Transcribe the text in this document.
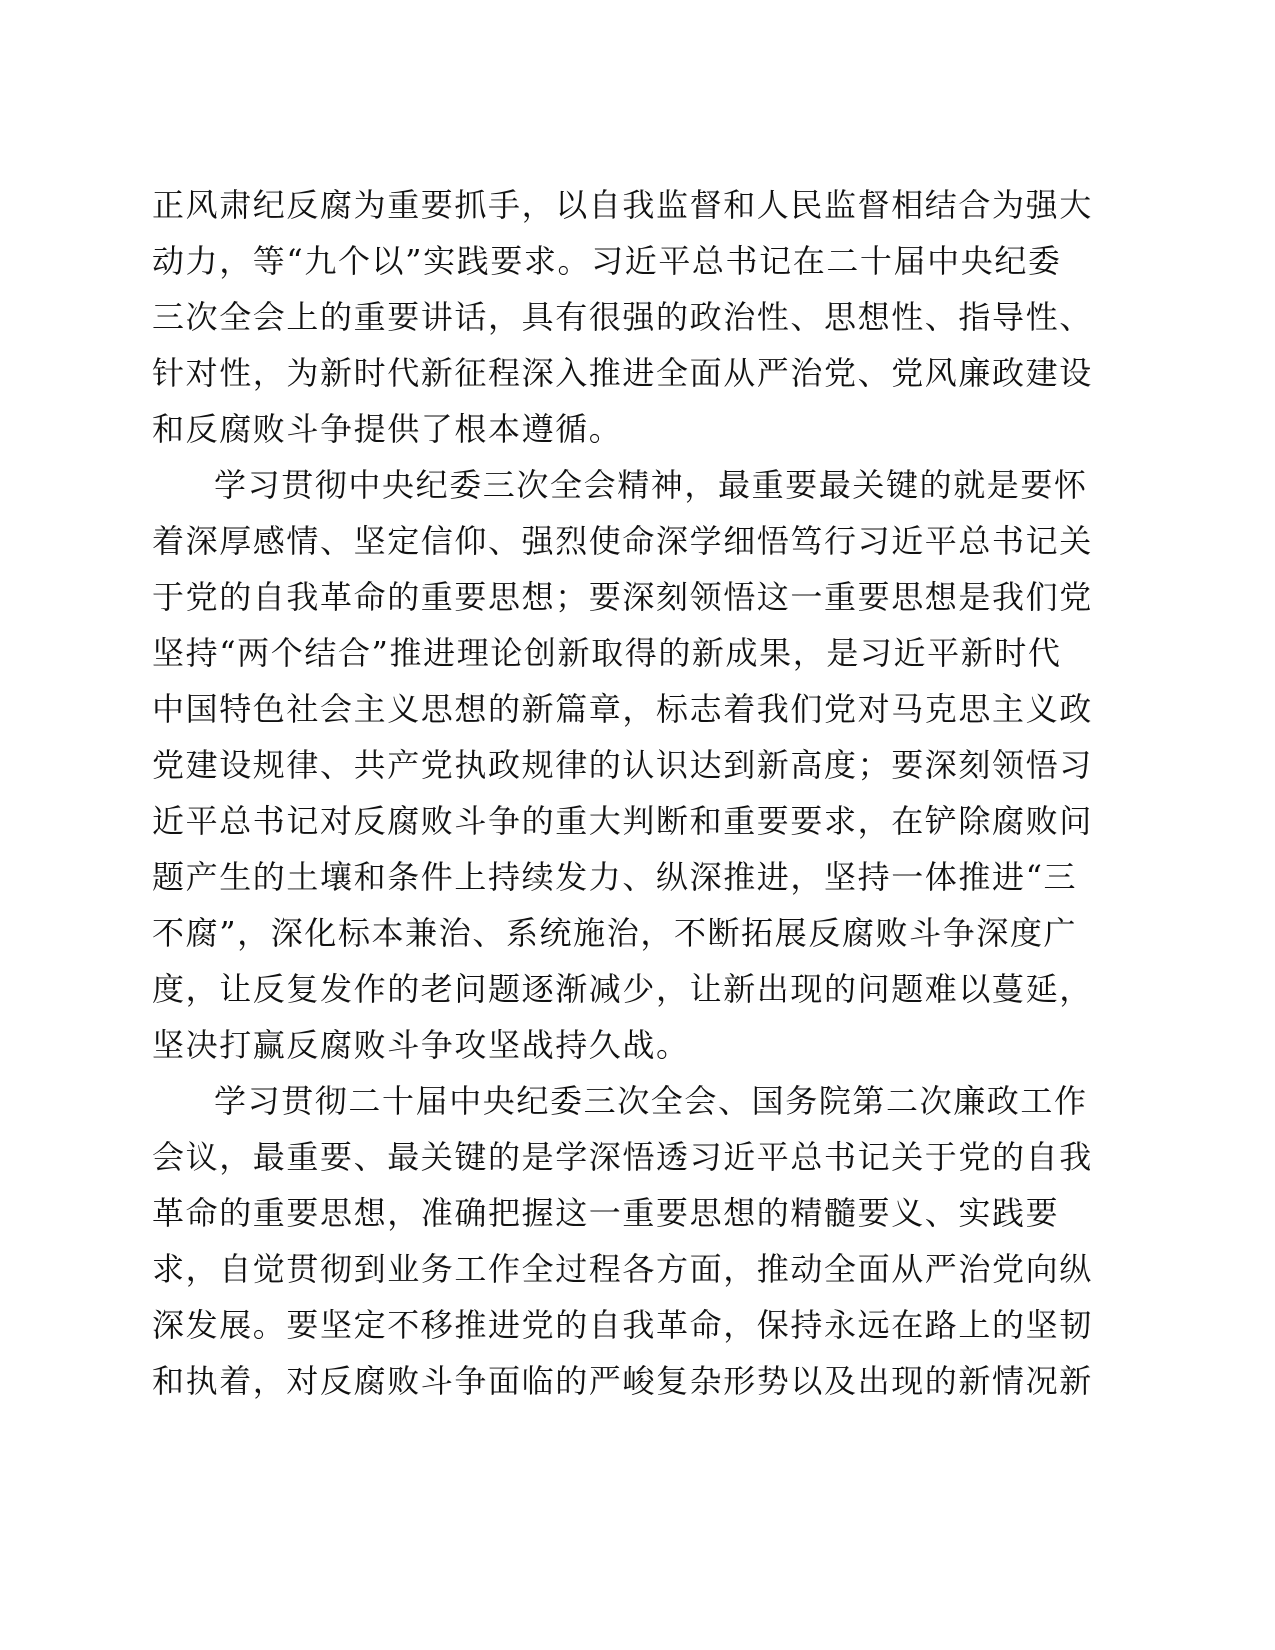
正风肃纪反腐为重要抓手，以自我监督和人民监督相结合为强大
动力，等“九个以”实践要求。习近平总书记在二十届中央纪委
三次全会上的重要讲话，具有很强的政治性、思想性、指导性、
针对性，为新时代新征程深入推进全面从严治党、党风廉政建设
和反腐败斗争提供了根本遵循。
学习贯彻中央纪委三次全会精神，最重要最关键的就是要怀
着深厚感情、坚定信仰、强烈使命深学细悟笃行习近平总书记关
于党的自我革命的重要思想；要深刻领悟这一重要思想是我们党
坚持“两个结合”推进理论创新取得的新成果，是习近平新时代
中国特色社会主义思想的新篇章，标志着我们党对马克思主义政
党建设规律、共产党执政规律的认识达到新高度；要深刻领悟习
近平总书记对反腐败斗争的重大判断和重要要求，在铲除腐败问
题产生的土壤和条件上持续发力、纵深推进，坚持一体推进“三
不腐”，深化标本兼治、系统施治，不断拓展反腐败斗争深度广
度，让反复发作的老问题逐渐减少，让新出现的问题难以蔓延，
坚决打赢反腐败斗争攻坚战持久战。
学习贯彻二十届中央纪委三次全会、国务院第二次廉政工作
会议，最重要、最关键的是学深悟透习近平总书记关于党的自我
革命的重要思想，准确把握这一重要思想的精髓要义、实践要
求，自觉贯彻到业务工作全过程各方面，推动全面从严治党向纵
深发展。要坚定不移推进党的自我革命，保持永远在路上的坚韧
和执着，对反腐败斗争面临的严峻复杂形势以及出现的新情况新
